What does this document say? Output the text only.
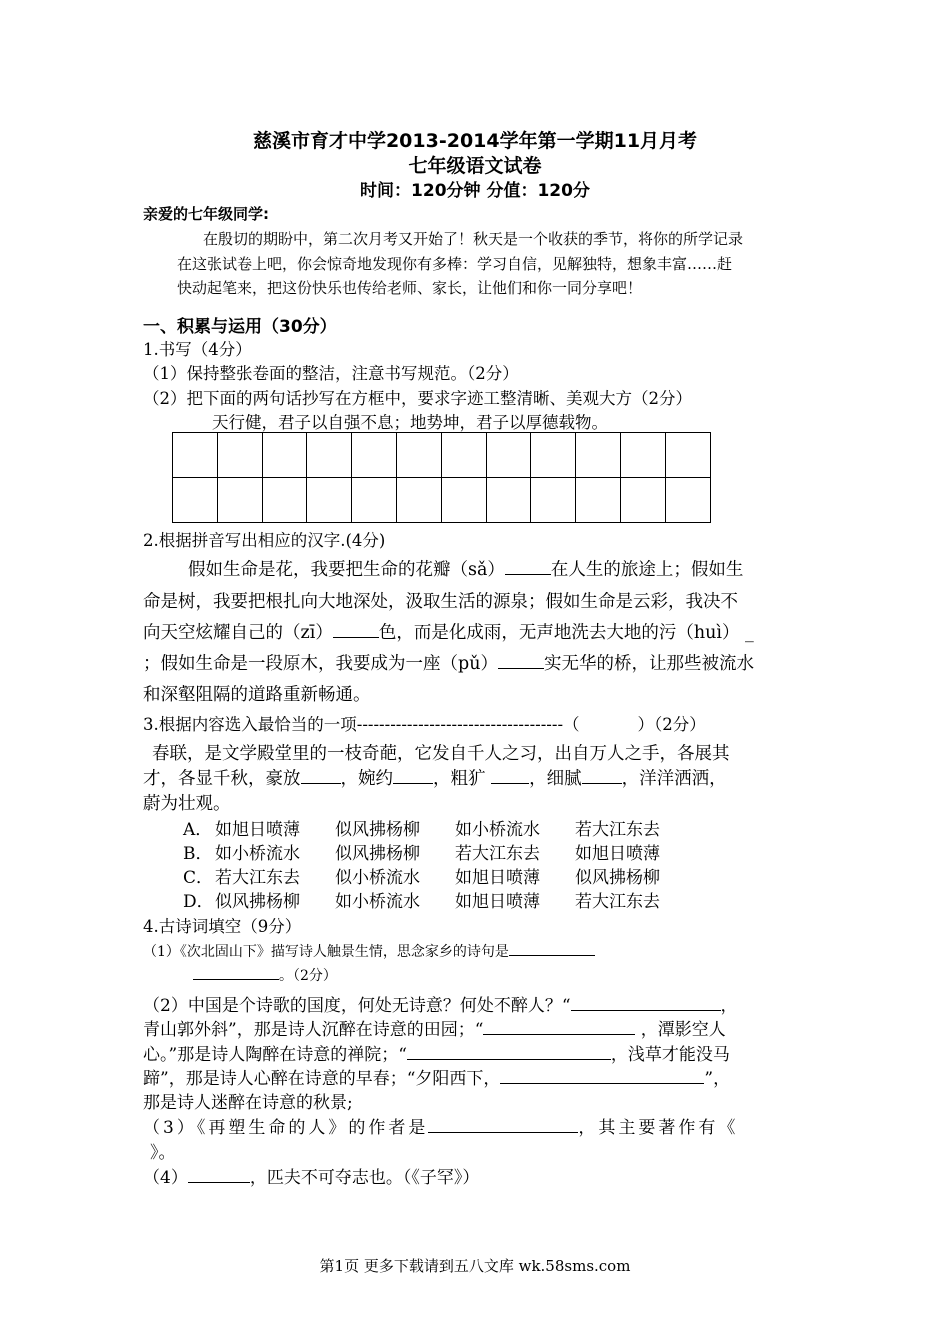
慈溪市育才中学2013-2014学年第一学期11月月考
七年级语文试卷
时间：120分钟 分值：120分
亲爱的七年级同学:
在殷切的期盼中，第二次月考又开始了！秋天是一个收获的季节，将你的所学记录
在这张试卷上吧，你会惊奇地发现你有多棒：学习自信，见解独特，想象丰富……赶
快动起笔来，把这份快乐也传给老师、家长，让他们和你一同分享吧！
一、积累与运用（30分）
1.书写（4分）
（1）保持整张卷面的整洁，注意书写规范。（2分）
（2）把下面的两句话抄写在方框中，要求字迹工整清晰、美观大方（2分）
天行健，君子以自强不息；地势坤，君子以厚德载物。

2.根据拼音写出相应的汉字.(4分)
假如生命是花，我要把生命的花瓣（sǎ）	在人生的旅途上；假如生
命是树，我要把根扎向大地深处，汲取生活的源泉；假如生命是云彩，我决不
向天空炫耀自己的（zī）	色，而是化成雨，无声地洗去大地的污（huì） _
；假如生命是一段原木，我要成为一座（pǔ）	实无华的桥，让那些被流水
和深壑阻隔的道路重新畅通。
3.根据内容选入最恰当的一项-------------------------------------（	）（2分）
春联，是文学殿堂里的一枝奇葩，它发自千人之习，出自万人之手，各展其
才，各显千秋，豪放 ，婉约 ，粗犷 ，细腻 ，洋洋洒洒，
蔚为壮观。
A． 如旭日喷薄 似风拂杨柳 如小桥流水 若大江东去
B． 如小桥流水 似风拂杨柳 若大江东去 如旭日喷薄
C． 若大江东去 似小桥流水 如旭日喷薄 似风拂杨柳
D．似风拂杨柳 如小桥流水 如旭日喷薄 若大江东去
4.古诗词填空（9分）
（1）《次北固山下》描写诗人触景生情，思念家乡的诗句是
。（2分）
（2）中国是个诗歌的国度，何处无诗意？何处不醉人？“	，
青山郭外斜”，那是诗人沉醉在诗意的田园；“	，潭影空人
心。”那是诗人陶醉在诗意的禅院；“	，浅草才能没马
蹄”，那是诗人心醉在诗意的早春；“夕阳西下，	”，
那是诗人迷醉在诗意的秋景;
（3）《再塑生命的人》的作者是	，其主要著作有《
》。
（4）	，匹夫不可夺志也。（《子罕》）
第1页 更多下载请到五八文库 wk.58sms.com
